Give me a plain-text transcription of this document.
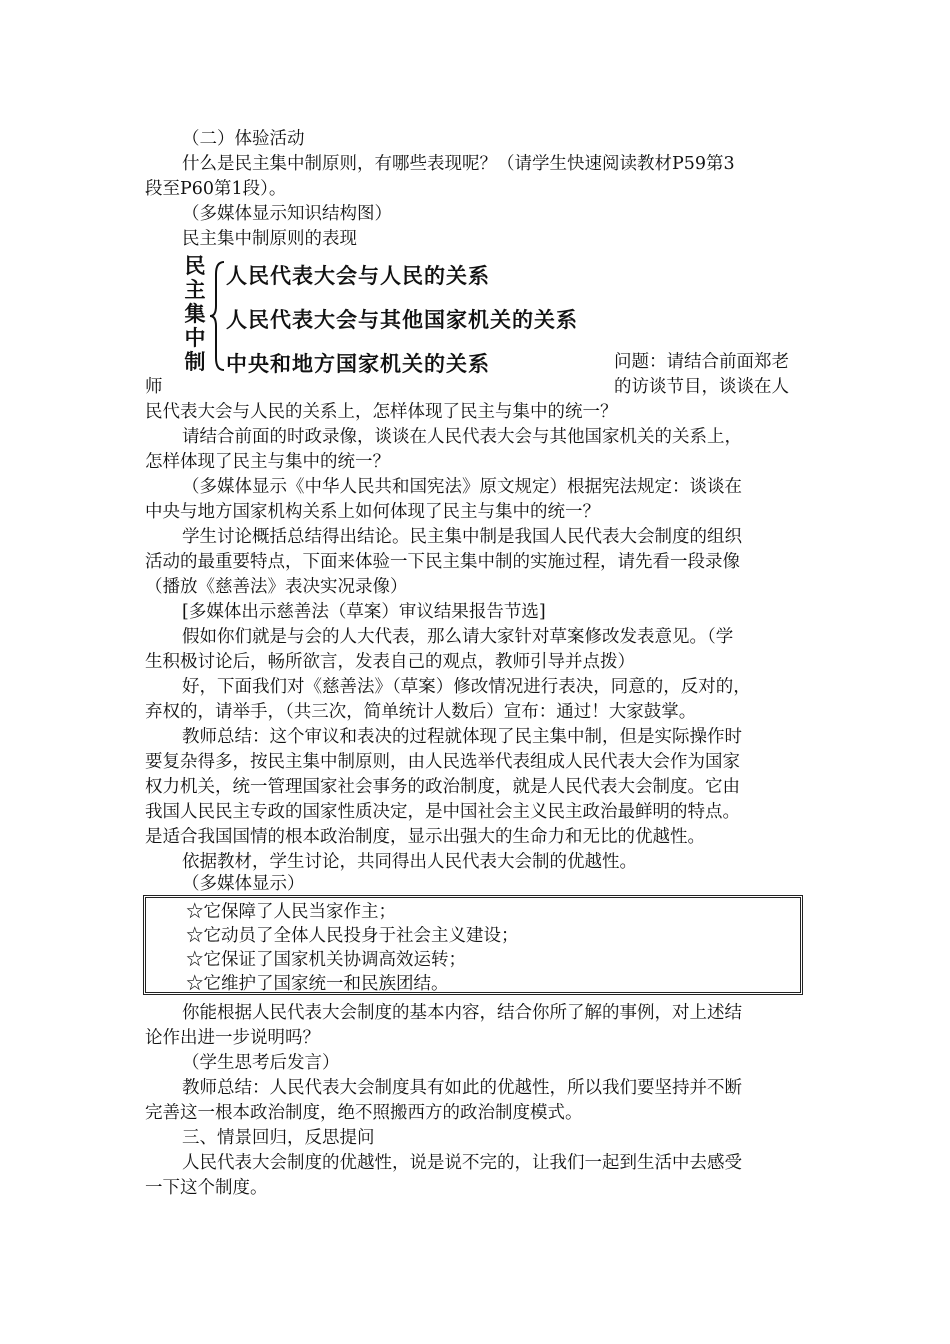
（二）体验活动
什么是民主集中制原则，有哪些表现呢？（请学生快速阅读教材P59第3
段至P60第1段）。
（多媒体显示知识结构图）
民主集中制原则的表现
民
主
集
中
制
人民代表大会与人民的关系
人民代表大会与其他国家机关的关系
中央和地方国家机关的关系	问题：请结合前面郑老
的访谈节目，谈谈在人
师
民代表大会与人民的关系上，怎样体现了民主与集中的统一？
请结合前面的时政录像，谈谈在人民代表大会与其他国家机关的关系上，
怎样体现了民主与集中的统一？
（多媒体显示《中华人民共和国宪法》原文规定）根据宪法规定：谈谈在
中央与地方国家机构关系上如何体现了民主与集中的统一？
学生讨论概括总结得出结论。民主集中制是我国人民代表大会制度的组织
活动的最重要特点，下面来体验一下民主集中制的实施过程，请先看一段录像
（播放《慈善法》表决实况录像）
[多媒体出示慈善法（草案）审议结果报告节选]
假如你们就是与会的人大代表，那么请大家针对草案修改发表意见。（学
生积极讨论后，畅所欲言，发表自己的观点，教师引导并点拨）
好，下面我们对《慈善法》（草案）修改情况进行表决，同意的，反对的，
弃权的，请举手，（共三次，简单统计人数后）宣布：通过！大家鼓掌。
教师总结：这个审议和表决的过程就体现了民主集中制，但是实际操作时
要复杂得多，按民主集中制原则，由人民选举代表组成人民代表大会作为国家
权力机关，统一管理国家社会事务的政治制度，就是人民代表大会制度。它由
我国人民民主专政的国家性质决定，是中国社会主义民主政治最鲜明的特点。
是适合我国国情的根本政治制度，显示出强大的生命力和无比的优越性。
依据教材，学生讨论，共同得出人民代表大会制的优越性。
（多媒体显示）
☆它保障了人民当家作主；
☆它动员了全体人民投身于社会主义建设；
☆它保证了国家机关协调高效运转；
☆它维护了国家统一和民族团结。
你能根据人民代表大会制度的基本内容，结合你所了解的事例，对上述结
论作出进一步说明吗？
（学生思考后发言）
教师总结：人民代表大会制度具有如此的优越性，所以我们要坚持并不断
完善这一根本政治制度，绝不照搬西方的政治制度模式。
三、情景回归，反思提问
人民代表大会制度的优越性，说是说不完的，让我们一起到生活中去感受
一下这个制度。
